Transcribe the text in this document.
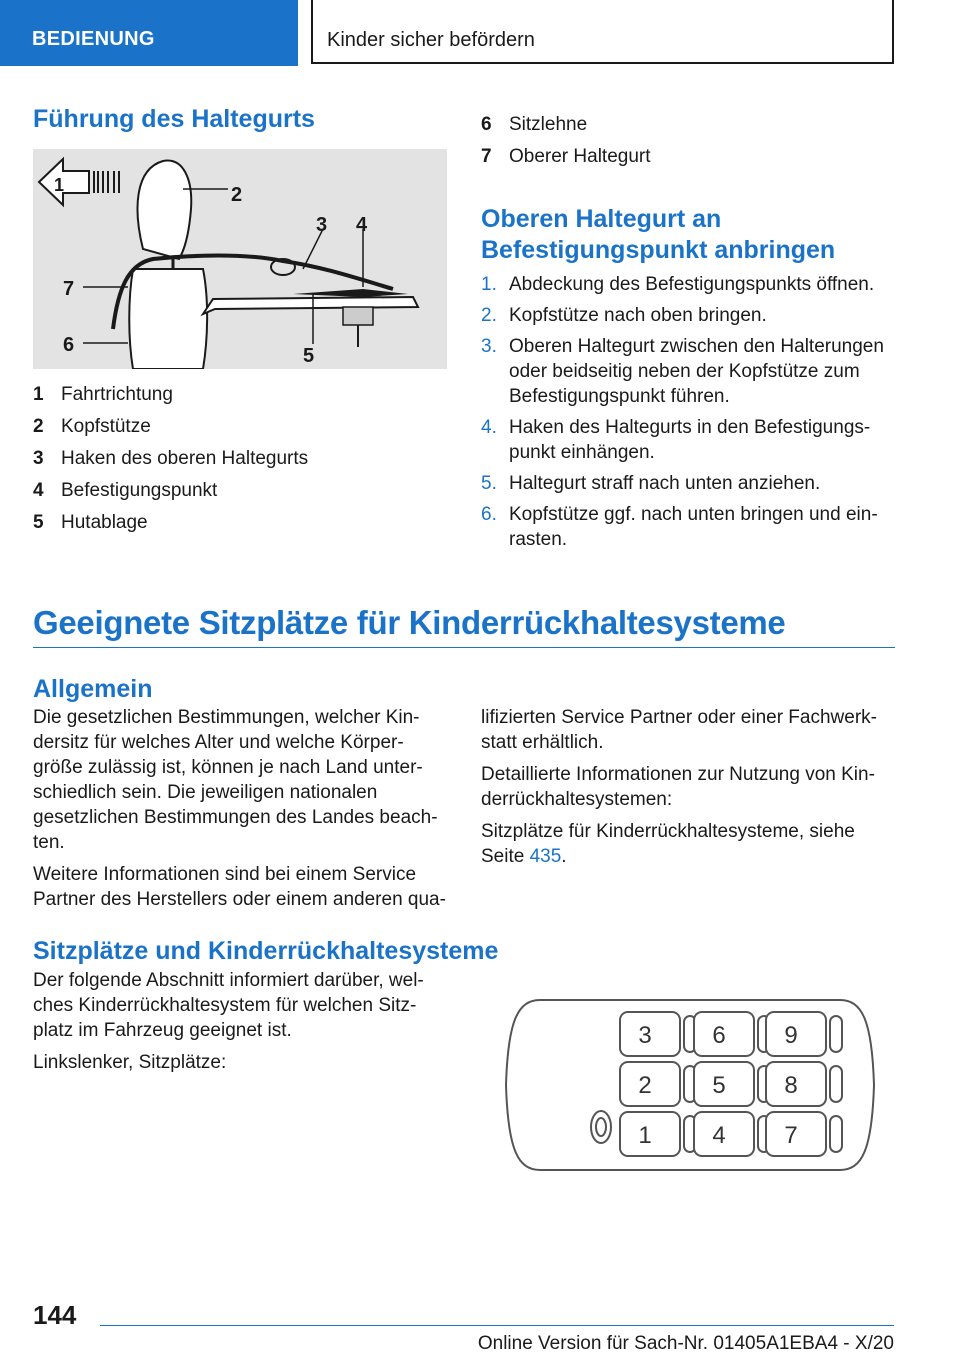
BEDIENUNG	Kinder sicher befördern
Führung des Haltegurts
1	2
3 4
5
6
7
1 Fahrtrichtung
2 Kopfstütze
3 Haken des oberen Haltegurts
4 Befestigungspunkt
5 Hutablage
6 Sitzlehne
7 Oberer Haltegurt
Oberen Haltegurt an
Befestigungspunkt anbringen
1. Abdeckung des Befestigungspunkts öffnen.
2. Kopfstütze nach oben bringen.
3. Oberen Haltegurt zwischen den Halterungen oder beidseitig neben der Kopfstütze zum Befestigungspunkt führen.
4. Haken des Haltegurts in den Befestigungs-punkt einhängen.
5. Haltegurt straff nach unten anziehen.
6. Kopfstütze ggf. nach unten bringen und ein-rasten.
Geeignete Sitzplätze für Kinderrückhaltesysteme
Allgemein

Die gesetzlichen Bestimmungen, welcher Kin-dersitz für welches Alter und welche Körper-größe zulässig ist, können je nach Land unter-schiedlich sein. Die jeweiligen nationalen gesetzlichen Bestimmungen des Landes beach-ten.

Weitere Informationen sind bei einem Service Partner des Herstellers oder einem anderen qua-

lifizierten Service Partner oder einer Fachwerk-statt erhältlich.

Detaillierte Informationen zur Nutzung von Kin-derrückhaltesystemen:

Sitzplätze für Kinderrückhaltesysteme, siehe Seite 435.

Sitzplätze und Kinderrückhaltesysteme

Der folgende Abschnitt informiert darüber, wel-ches Kinderrückhaltesystem für welchen Sitz-platz im Fahrzeug geeignet ist.

Linkslenker, Sitzplätze:

3	6 9
2	5 8
1	4 7
144
Online Version für Sach-Nr. 01405A1EBA4 - X/20
